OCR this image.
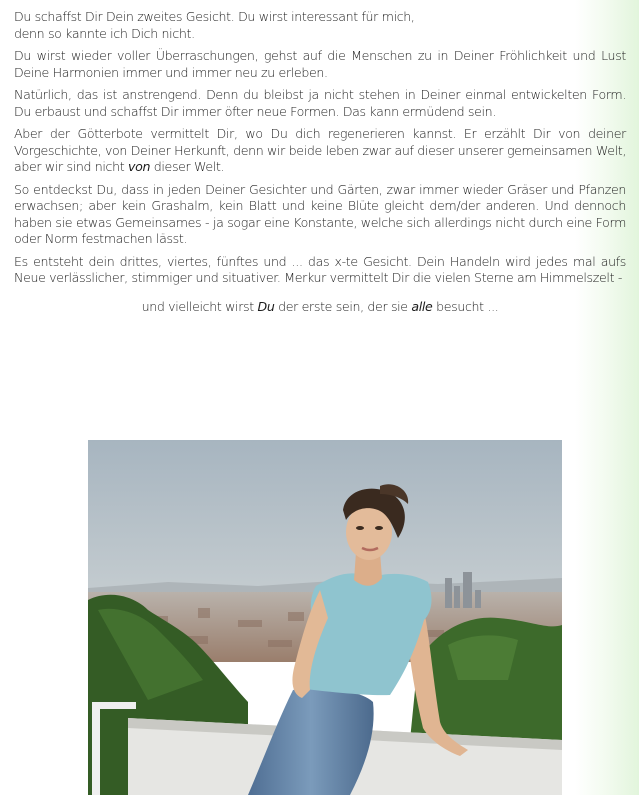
Du schaffst Dir Dein zweites Gesicht. Du wirst interessant für mich,
denn so kannte ich Dich nicht.

Du wirst wieder voller Überraschungen, gehst auf die Menschen zu in Deiner Fröhlichkeit und Lust Deine Harmonien immer und immer neu zu erleben.

Natürlich, das ist anstrengend. Denn du bleibst ja nicht stehen in Deiner einmal entwickelten Form. Du erbaust und schaffst Dir immer öfter neue Formen. Das kann ermüdend sein.

Aber der Götterbote vermittelt Dir, wo Du dich regenerieren kannst. Er erzählt Dir von deiner Vorgeschichte, von Deiner Herkunft, denn wir beide leben zwar auf dieser unserer gemeinsamen Welt, aber wir sind nicht von dieser Welt.

So entdeckst Du, dass in jeden Deiner Gesichter und Gärten, zwar immer wieder Gräser und Pfanzen erwachsen; aber kein Grashalm, kein Blatt und keine Blüte gleicht dem/der anderen. Und dennoch haben sie etwas Gemeinsames - ja sogar eine Konstante, welche sich allerdings nicht durch eine Form oder Norm festmachen lässt.

Es entsteht dein drittes, viertes, fünftes und ... das x-te Gesicht. Dein Handeln wird jedes mal aufs Neue verlässlicher, stimmiger und situativer. Merkur vermittelt Dir die vielen Sterne am Himmelszelt -

und vielleicht wirst Du der erste sein, der sie alle besucht ...
